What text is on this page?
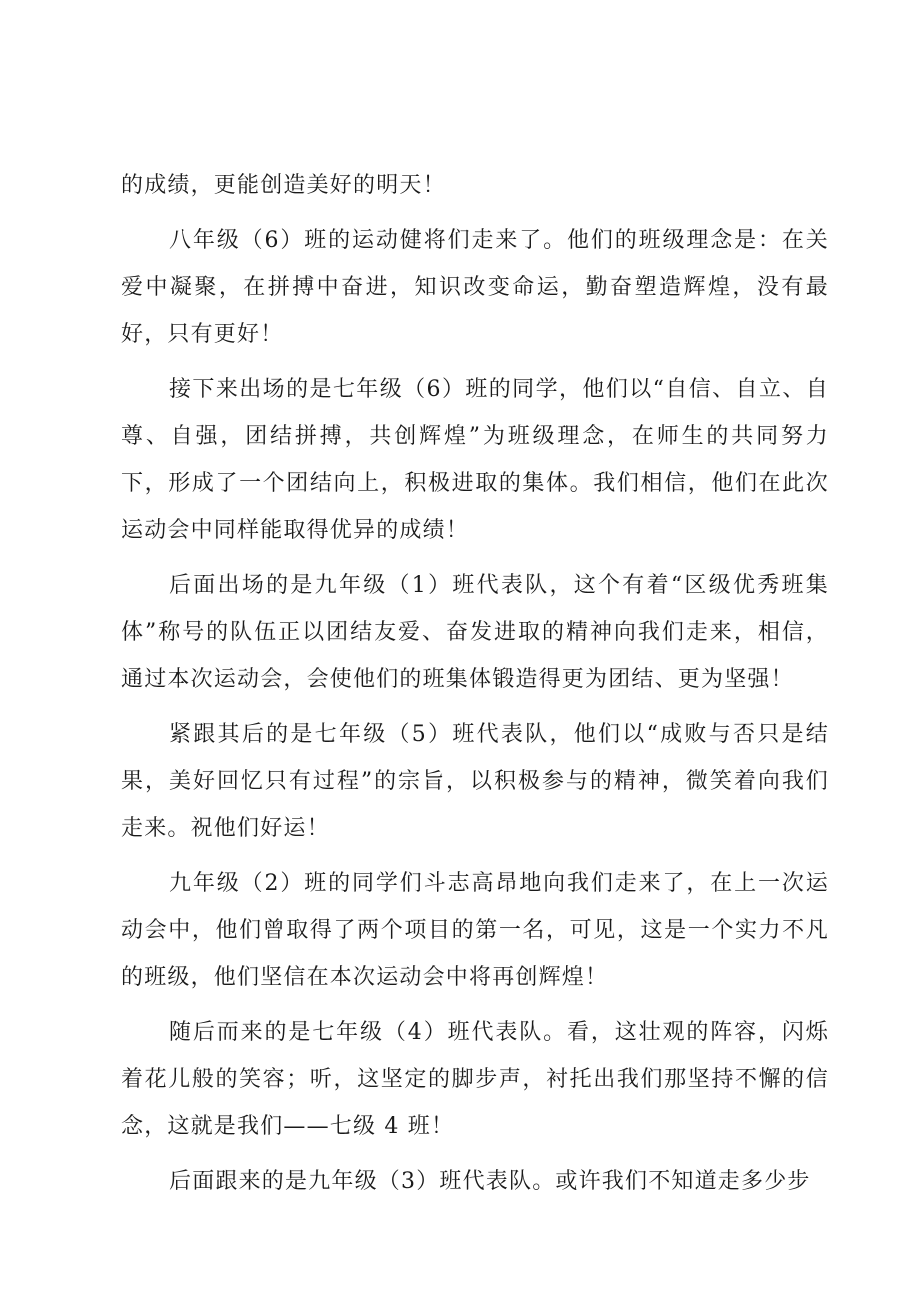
的成绩，更能创造美好的明天！

八年级（6）班的运动健将们走来了。他们的班级理念是：在关爱中凝聚，在拼搏中奋进，知识改变命运，勤奋塑造辉煌，没有最好，只有更好！

接下来出场的是七年级（6）班的同学，他们以“自信、自立、自尊、自强，团结拼搏，共创辉煌”为班级理念，在师生的共同努力下，形成了一个团结向上，积极进取的集体。我们相信，他们在此次运动会中同样能取得优异的成绩！

后面出场的是九年级（1）班代表队，这个有着“区级优秀班集体”称号的队伍正以团结友爱、奋发进取的精神向我们走来，相信，通过本次运动会，会使他们的班集体锻造得更为团结、更为坚强！

紧跟其后的是七年级（5）班代表队，他们以“成败与否只是结果，美好回忆只有过程”的宗旨，以积极参与的精神，微笑着向我们走来。祝他们好运！

九年级（2）班的同学们斗志高昂地向我们走来了，在上一次运动会中，他们曾取得了两个项目的第一名，可见，这是一个实力不凡的班级，他们坚信在本次运动会中将再创辉煌！

随后而来的是七年级（4）班代表队。看，这壮观的阵容，闪烁着花儿般的笑容；听，这坚定的脚步声，衬托出我们那坚持不懈的信念，这就是我们——七级 4 班！

后面跟来的是九年级（3）班代表队。或许我们不知道走多少步
